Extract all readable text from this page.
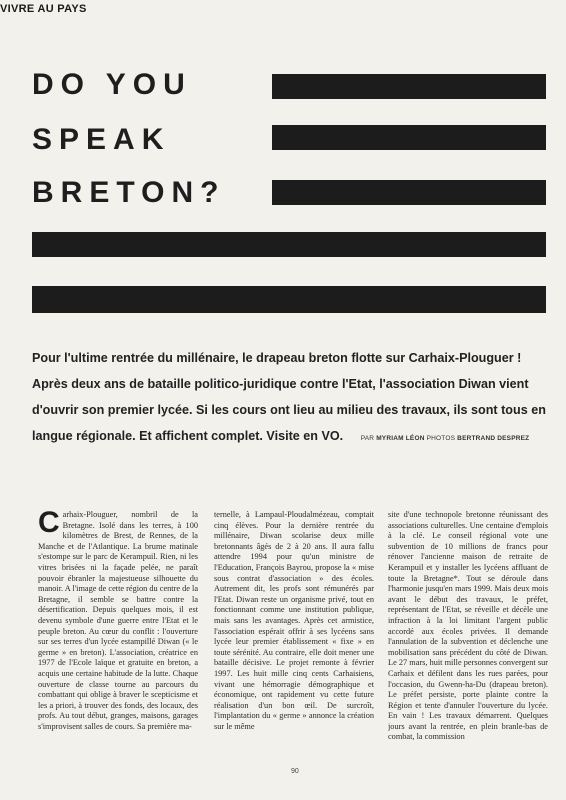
VIVRE AU PAYS
DO YOU
SPEAK
BRETON?
Pour l'ultime rentrée du millénaire, le drapeau breton flotte sur Carhaix-Plouguer ! Après deux ans de bataille politico-juridique contre l'Etat, l'association Diwan vient d'ouvrir son premier lycée. Si les cours ont lieu au milieu des travaux, ils sont tous en langue régionale. Et affichent complet. Visite en VO.	PAR MYRIAM LÉON PHOTOS BERTRAND DESPREZ

Carhaix-Plouguer, nombril de la Bretagne. Isolé dans les terres, à 100 kilomètres de Brest, de Rennes, de la Manche et de l'Atlantique. La brume matinale s'estompe sur le parc de Kerampuil. Rien, ni les vitres brisées ni la façade pelée, ne paraît pouvoir ébranler la majestueuse silhouette du manoir. A l'image de cette région du centre de la Bretagne, il semble se battre contre la désertification. Depuis quelques mois, il est devenu symbole d'une guerre entre l'Etat et le peuple breton. Au cœur du conflit : l'ouverture sur ses terres d'un lycée estampillé Diwan (« le germe » en breton). L'association, créatrice en 1977 de l'Ecole laïque et gratuite en breton, a acquis une certaine habitude de la lutte. Chaque ouverture de classe tourne au parcours du combattant qui oblige à braver le scepticisme et les a priori, à trouver des fonds, des locaux, des profs. Au tout début, granges, maisons, garages s'improvisent salles de cours. Sa première ma-

ternelle, à Lampaul-Ploudalmézeau, comptait cinq élèves. Pour la dernière rentrée du millénaire, Diwan scolarise deux mille bretonnants âgés de 2 à 20 ans. Il aura fallu attendre 1994 pour qu'un ministre de l'Education, François Bayrou, propose la « mise sous contrat d'association » des écoles. Autrement dit, les profs sont rémunérés par l'Etat. Diwan reste un organisme privé, tout en fonctionnant comme une institution publique, mais sans les avantages. Après cet armistice, l'association espérait offrir à ses lycéens sans lycée leur premier établissement « fixe » en toute sérénité. Au contraire, elle doit mener une bataille décisive. Le projet remonte à février 1997. Les huit mille cinq cents Carhaisiens, vivant une hémorragie démographique et économique, ont rapidement vu cette future réalisation d'un bon œil. De surcroît, l'implantation du « germe » annonce la création sur le même

site d'une technopole bretonne réunissant des associations culturelles. Une centaine d'emplois à la clé. Le conseil régional vote une subvention de 10 millions de francs pour rénover l'ancienne maison de retraite de Kerampuil et y installer les lycéens affluant de toute la Bretagne*. Tout se déroule dans l'harmonie jusqu'en mars 1999. Mais deux mois avant le début des travaux, le préfet, représentant de l'Etat, se réveille et décèle une infraction à la loi limitant l'argent public accordé aux écoles privées. Il demande l'annulation de la subvention et déclenche une mobilisation sans précédent du côté de Diwan. Le 27 mars, huit mille personnes convergent sur Carhaix et défilent dans les rues parées, pour l'occasion, du Gwenn-ha-Du (drapeau breton). Le préfet persiste, porte plainte contre la Région et tente d'annuler l'ouverture du lycée. En vain ! Les travaux démarrent. Quelques jours avant la rentrée, en plein branle-bas de combat, la commission

90
